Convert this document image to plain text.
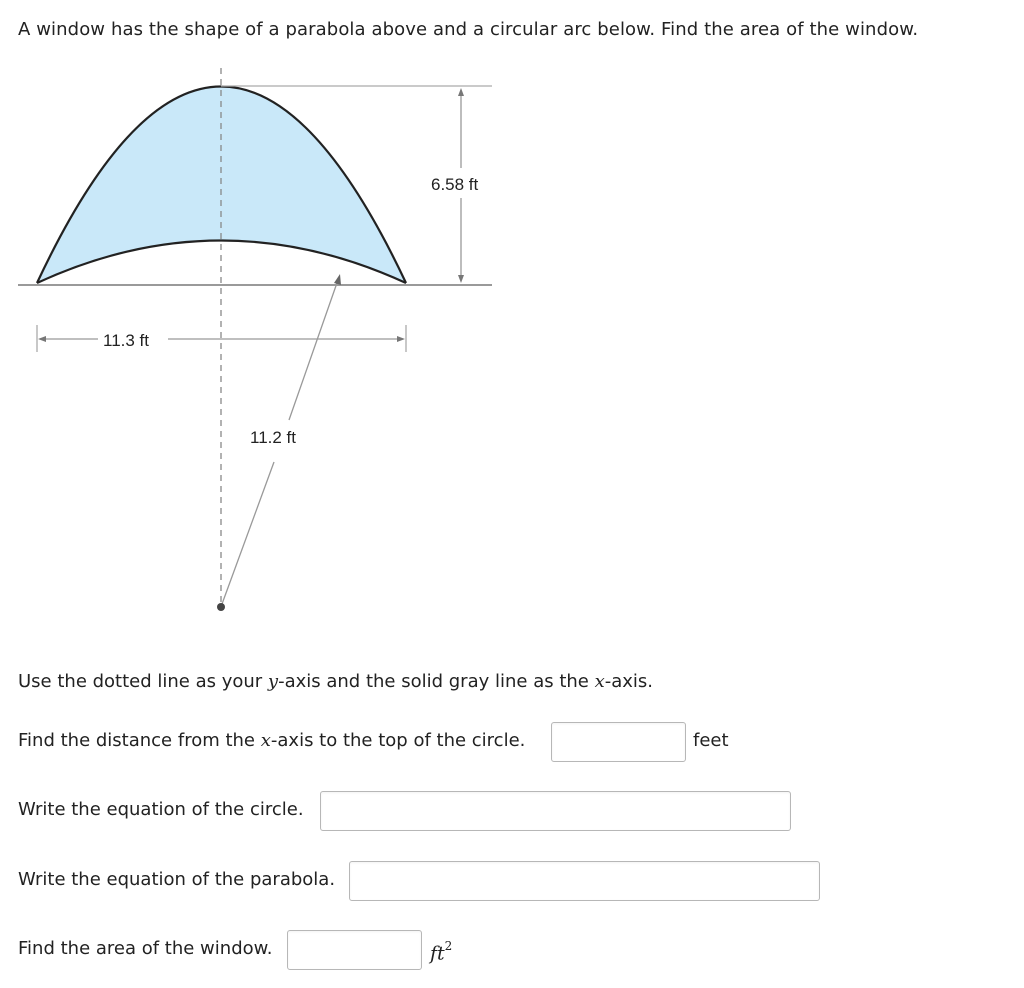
A window has the shape of a parabola above and a circular arc below. Find the area of the window.
6.58 ft
11.3 ft
11.2 ft
Use the dotted line as your y-axis and the solid gray line as the x-axis.
Find the distance from the x-axis to the top of the circle.	feet
Write the equation of the circle.
Write the equation of the parabola.
Find the area of the window.	$ft^2$
